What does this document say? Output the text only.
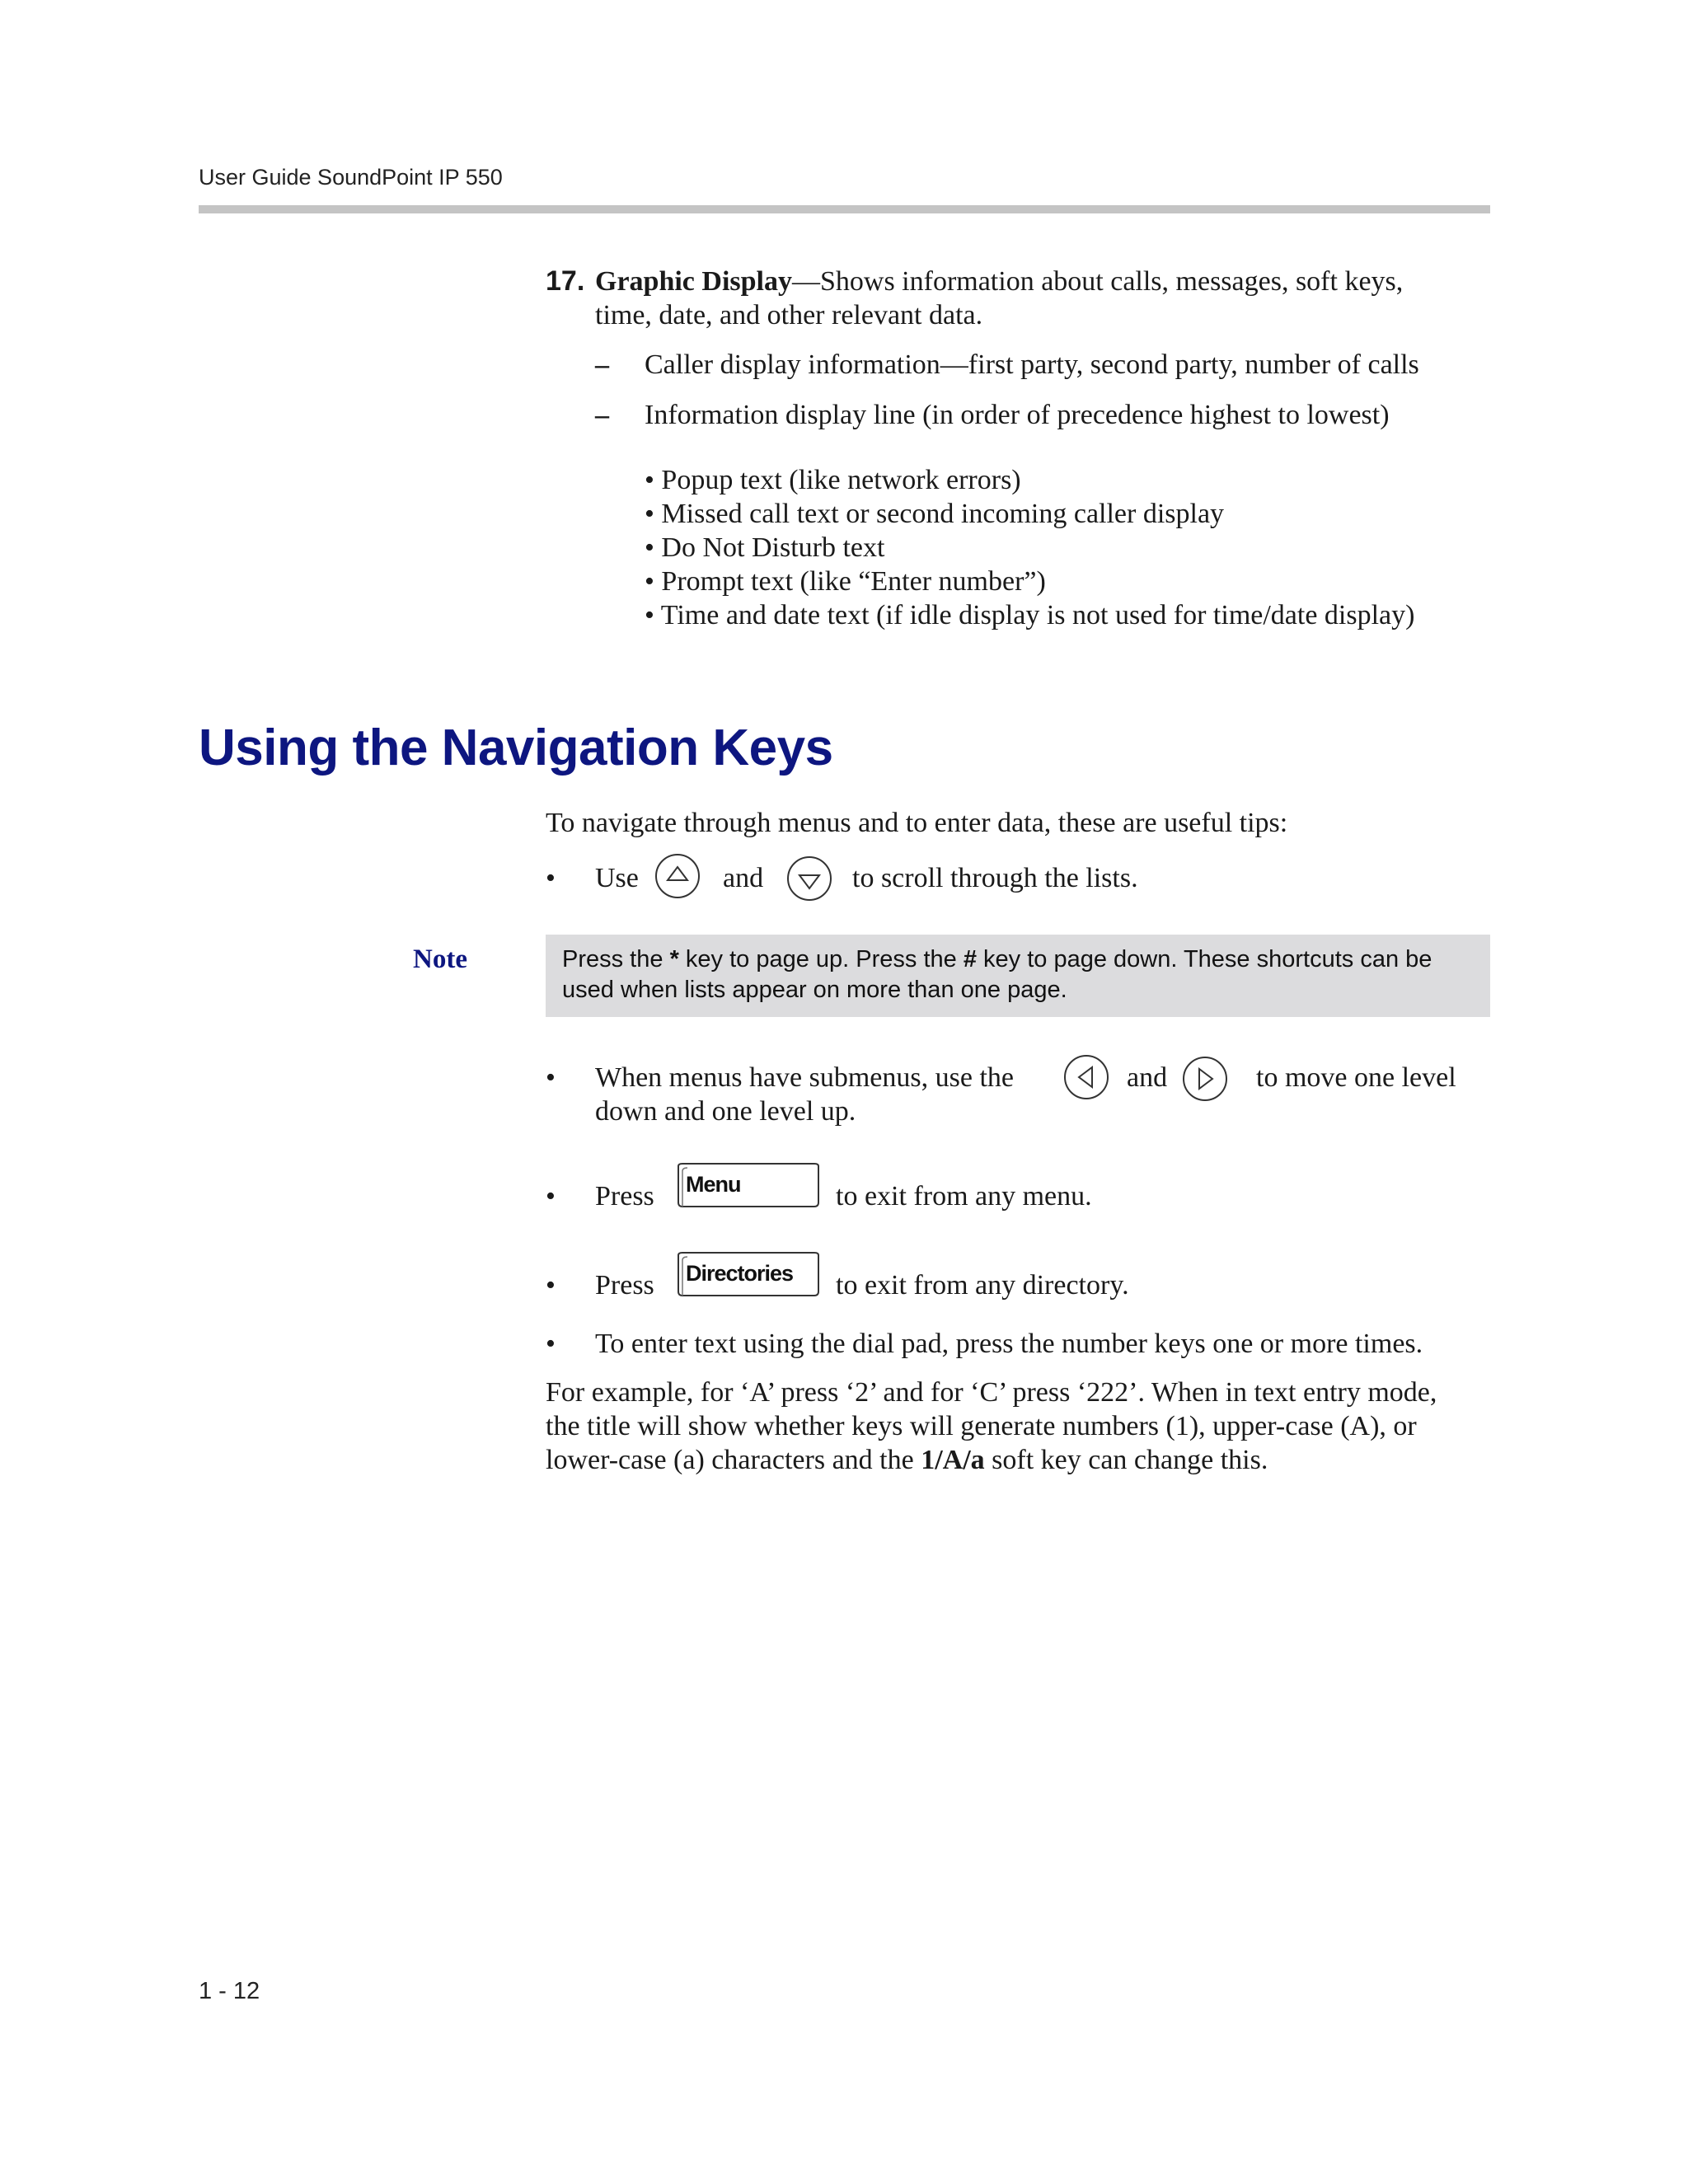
User Guide SoundPoint IP 550
17. Graphic Display—Shows information about calls, messages, soft keys,
time, date, and other relevant data.
– Caller display information—first party, second party, number of calls
– Information display line (in order of precedence highest to lowest)
• Popup text (like network errors)
• Missed call text or second incoming caller display
• Do Not Disturb text
• Prompt text (like “Enter number”)
• Time and date text (if idle display is not used for time/date display)
Using the Navigation Keys
To navigate through menus and to enter data, these are useful tips:
• Use	and	to scroll through the lists.
Note	Press the * key to page up. Press the # key to page down. These shortcuts can be used when lists appear on more than one page.
• When menus have submenus, use the	and	to move one level
down and one level up.
• Press Menu	to exit from any menu.
• Press Directories to exit from any directory.
• To enter text using the dial pad, press the number keys one or more times.
For example, for ‘A’ press ‘2’ and for ‘C’ press ‘222’. When in text entry mode,
the title will show whether keys will generate numbers (1), upper-case (A), or
lower-case (a) characters and the 1/A/a soft key can change this.
1 - 12
